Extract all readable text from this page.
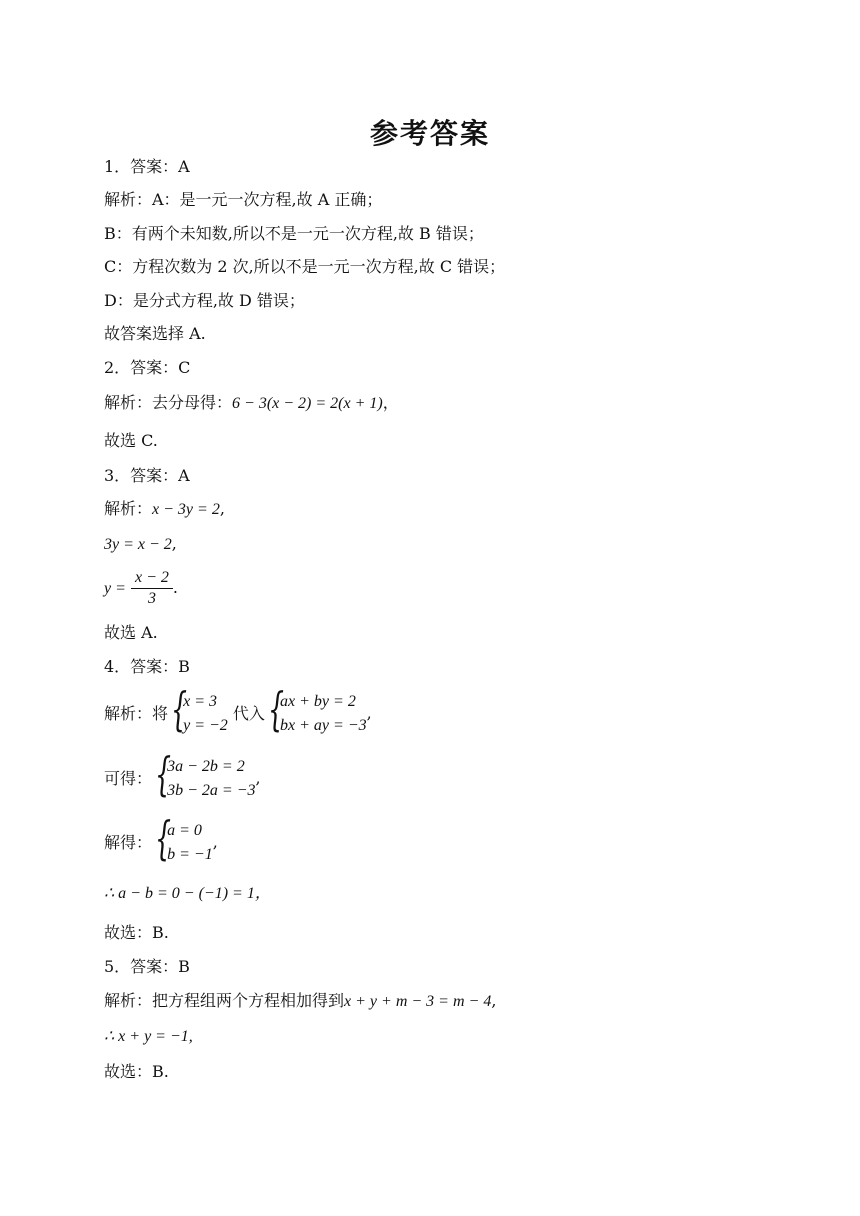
参考答案
1．答案：A
解析：A：是一元一次方程,故 A 正确；
B：有两个未知数,所以不是一元一次方程,故 B 错误；
C：方程次数为 2 次,所以不是一元一次方程,故 C 错误；
D：是分式方程,故 D 错误；
故答案选择 A.
2．答案：C
解析：去分母得：6 − 3(x − 2) = 2(x + 1)，
故选 C.
3．答案：A
解析：x − 3y = 2,
3y = x − 2,
$y = \frac{x - 2}{3}$ .
故选 A.
4．答案：B
解析：将 {
x = 3
y = −2
代入 {
ax + by = 2
bx + ay = −3
,
可得： {
3a − 2b = 2
3b − 2a = −3
,
解得： {
a = 0
b = −1
,
∴ a − b = 0 − (−1) = 1，
故选：B.
5．答案：B
解析：把方程组两个方程相加得到x + y + m − 3 = m − 4,
∴ x + y = −1,
故选：B.
